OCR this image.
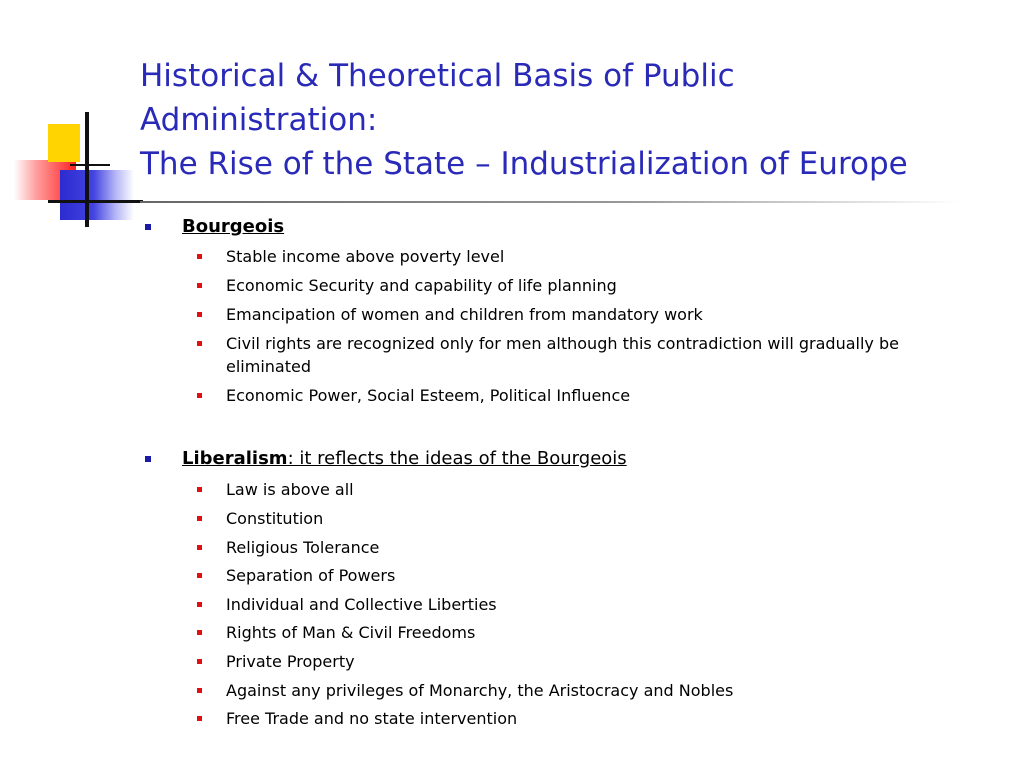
Historical & Theoretical Basis of Public
Administration:
The Rise of the State – Industrialization of Europe
Bourgeois
Stable income above poverty level
Economic Security and capability of life planning
Emancipation of women and children from mandatory work
Civil rights are recognized only for men although this contradiction will gradually be eliminated
Economic Power, Social Esteem, Political Influence
Liberalism: it reflects the ideas of the Bourgeois
Law is above all
Constitution
Religious Tolerance
Separation of Powers
Individual and Collective Liberties
Rights of Man & Civil Freedoms
Private Property
Against any privileges of Monarchy, the Aristocracy and Nobles
Free Trade and no state intervention
